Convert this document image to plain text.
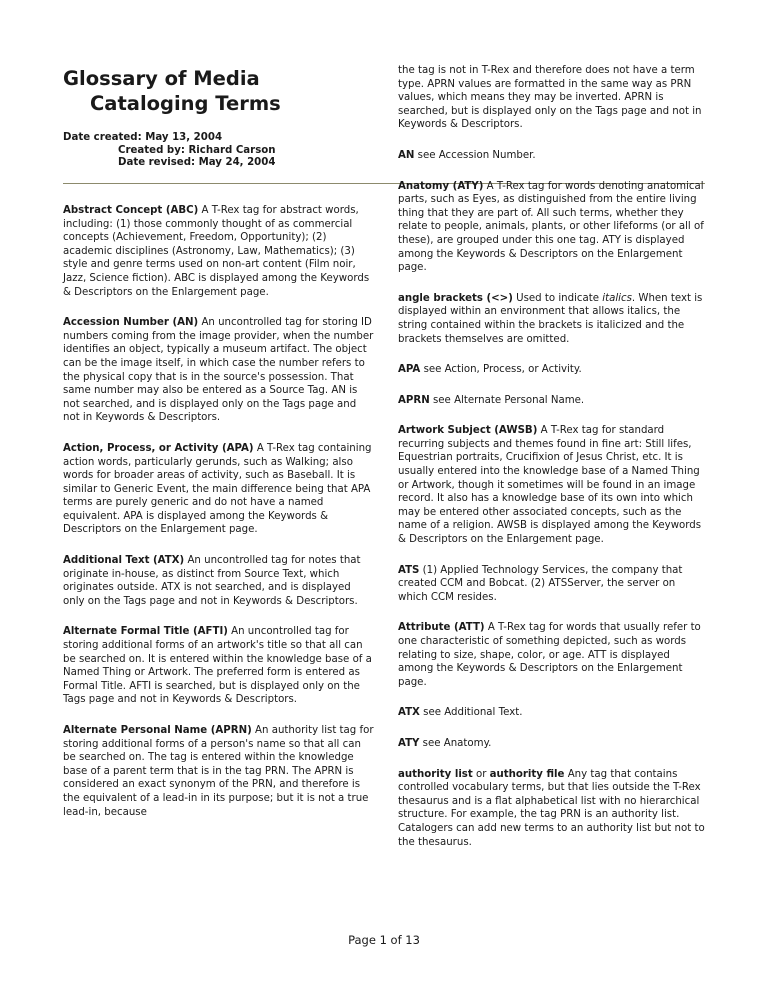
Glossary of Media
Cataloging Terms
Date created: May 13, 2004
Created by: Richard Carson
Date revised: May 24, 2004

Abstract Concept (ABC) A T-Rex tag for abstract words, including: (1) those commonly thought of as commercial concepts (Achievement, Freedom, Opportunity); (2) academic disciplines (Astronomy, Law, Mathematics); (3) style and genre terms used on non-art content (Film noir, Jazz, Science fiction). ABC is displayed among the Keywords & Descriptors on the Enlargement page.

Accession Number (AN) An uncontrolled tag for storing ID numbers coming from the image provider, when the number identifies an object, typically a museum artifact. The object can be the image itself, in which case the number refers to the physical copy that is in the source's possession. That same number may also be entered as a Source Tag. AN is not searched, and is displayed only on the Tags page and not in Keywords & Descriptors.

Action, Process, or Activity (APA) A T-Rex tag containing action words, particularly gerunds, such as Walking; also words for broader areas of activity, such as Baseball. It is similar to Generic Event, the main difference being that APA terms are purely generic and do not have a named equivalent. APA is displayed among the Keywords & Descriptors on the Enlargement page.

Additional Text (ATX) An uncontrolled tag for notes that originate in-house, as distinct from Source Text, which originates outside. ATX is not searched, and is displayed only on the Tags page and not in Keywords & Descriptors.

Alternate Formal Title (AFTI) An uncontrolled tag for storing additional forms of an artwork's title so that all can be searched on. It is entered within the knowledge base of a Named Thing or Artwork. The preferred form is entered as Formal Title. AFTI is searched, but is displayed only on the Tags page and not in Keywords & Descriptors.

Alternate Personal Name (APRN) An authority list tag for storing additional forms of a person's name so that all can be searched on. The tag is entered within the knowledge base of a parent term that is in the tag PRN. The APRN is considered an exact synonym of the PRN, and therefore is the equivalent of a lead-in in its purpose; but it is not a true lead-in, because

the tag is not in T-Rex and therefore does not have a term type. APRN values are formatted in the same way as PRN values, which means they may be inverted. APRN is searched, but is displayed only on the Tags page and not in Keywords & Descriptors.

AN see Accession Number.

Anatomy (ATY) A T-Rex tag for words denoting anatomical parts, such as Eyes, as distinguished from the entire living thing that they are part of. All such terms, whether they relate to people, animals, plants, or other lifeforms (or all of these), are grouped under this one tag. ATY is displayed among the Keywords & Descriptors on the Enlargement page.

angle brackets (<>) Used to indicate italics. When text is displayed within an environment that allows italics, the string contained within the brackets is italicized and the brackets themselves are omitted.

APA see Action, Process, or Activity.

APRN see Alternate Personal Name.

Artwork Subject (AWSB) A T-Rex tag for standard recurring subjects and themes found in fine art: Still lifes, Equestrian portraits, Crucifixion of Jesus Christ, etc. It is usually entered into the knowledge base of a Named Thing or Artwork, though it sometimes will be found in an image record. It also has a knowledge base of its own into which may be entered other associated concepts, such as the name of a religion. AWSB is displayed among the Keywords & Descriptors on the Enlargement page.

ATS (1) Applied Technology Services, the company that created CCM and Bobcat. (2) ATSServer, the server on which CCM resides.

Attribute (ATT) A T-Rex tag for words that usually refer to one characteristic of something depicted, such as words relating to size, shape, color, or age. ATT is displayed among the Keywords & Descriptors on the Enlargement page.

ATX see Additional Text.

ATY see Anatomy.

authority list or authority file Any tag that contains controlled vocabulary terms, but that lies outside the T-Rex thesaurus and is a flat alphabetical list with no hierarchical structure. For example, the tag PRN is an authority list. Catalogers can add new terms to an authority list but not to the thesaurus.

Page 1 of 13
